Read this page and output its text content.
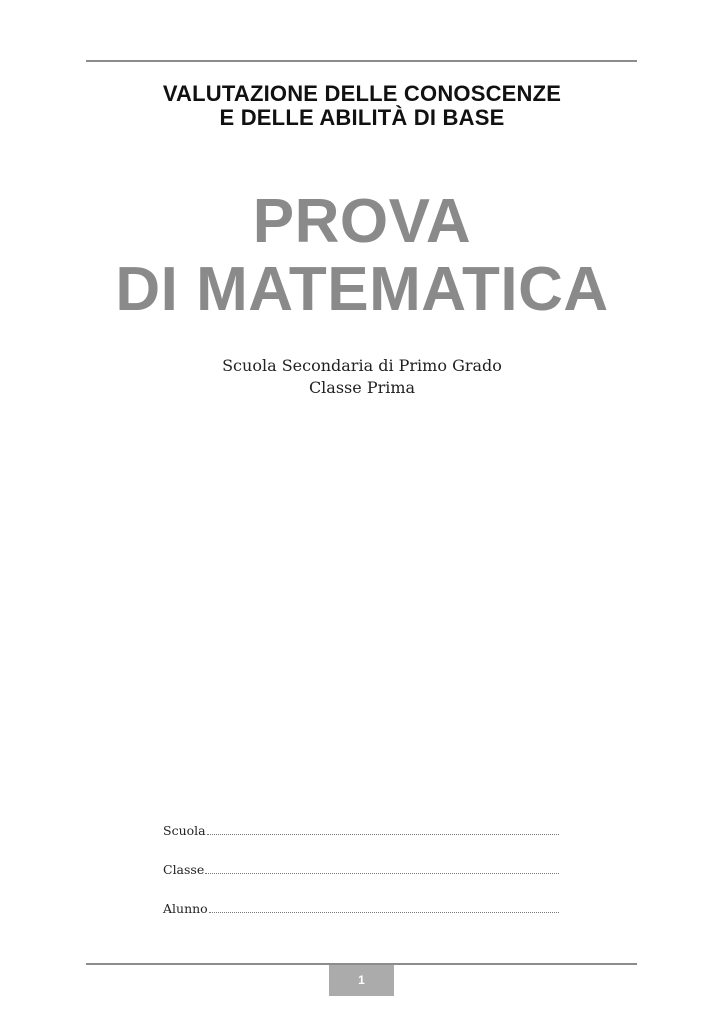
VALUTAZIONE DELLE CONOSCENZE
E DELLE ABILITÀ DI BASE
PROVA
DI MATEMATICA
Scuola Secondaria di Primo Grado
Classe Prima
Scuola
Classe
Alunno
1
